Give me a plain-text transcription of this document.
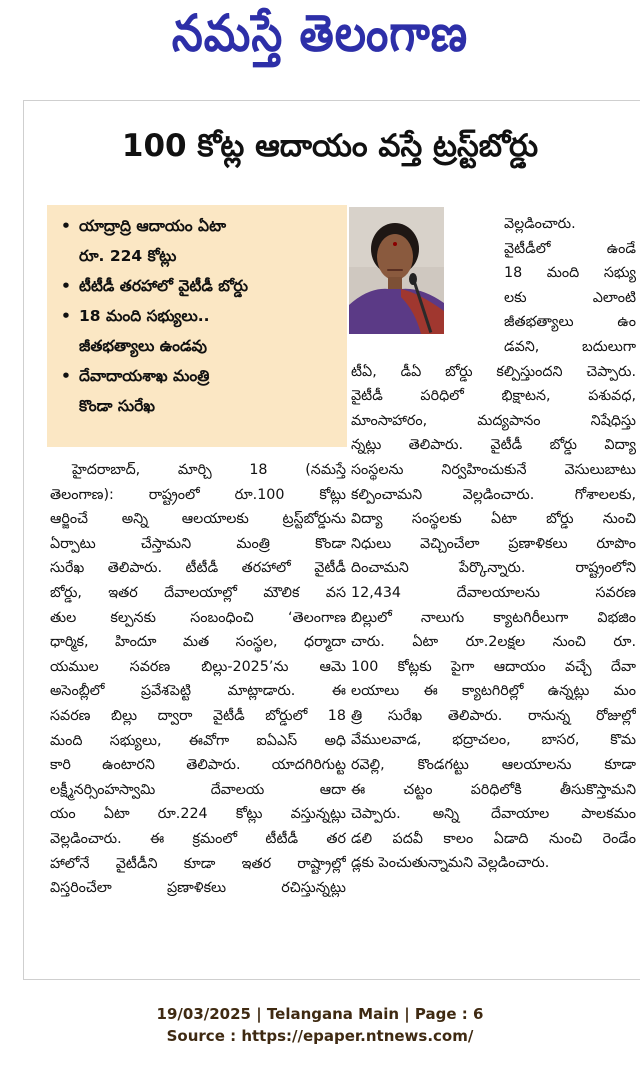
నమస్తే తెలంగాణ
100 కోట్ల ఆదాయం వస్తే ట్రస్ట్‌బోర్డు
• యాద్రాద్రి ఆదాయం ఏటా
రూ. 224 కోట్లు
• టీటీడీ తరహాలో వైటీడీ బోర్డు
• 18 మంది సభ్యులు..
జీతభత్యాలు ఉండవు
• దేవాదాయశాఖ మంత్రి
కొండా సురేఖ
హైదరాబాద్, మార్చి 18 (నమస్తే
తెలంగాణ): రాష్ట్రంలో రూ.100 కోట్లు
ఆర్జించే అన్ని ఆలయాలకు ట్రస్ట్‌బోర్డును
ఏర్పాటు చేస్తామని మంత్రి కొండా
సురేఖ తెలిపారు. టీటీడీ తరహాలో వైటీడీ
బోర్డు, ఇతర దేవాలయాల్లో మౌలిక వస
తుల కల్పనకు సంబంధించి ‘తెలంగాణ
ధార్మిక, హిందూ మత సంస్థల, ధర్మాదా
యముల సవరణ బిల్లు-2025’ను ఆమె
అసెంబ్లీలో ప్రవేశపెట్టి మాట్లాడారు. ఈ
సవరణ బిల్లు ద్వారా వైటీడీ బోర్డులో 18
మంది సభ్యులు, ఈవోగా ఐఏఎస్ అధి
కారి ఉంటారని తెలిపారు. యాదగిరిగుట్ట
లక్ష్మీనర్సింహస్వామి దేవాలయ ఆదా
యం ఏటా రూ.224 కోట్లు వస్తున్నట్లు
వెల్లడించారు. ఈ క్రమంలో టీటీడీ తర
హాలోనే వైటీడీని కూడా ఇతర రాష్ట్రాల్లో
విస్తరించేలా ప్రణాళికలు రచిస్తున్నట్లు
వెల్లడించారు.
వైటీడీలో ఉండే
18 మంది సభ్యు
లకు ఎలాంటి
జీతభత్యాలు ఉం
డవని, బదులుగా
టీఏ, డీఏ బోర్డు కల్పిస్తుందని చెప్పారు.
వైటీడీ పరిధిలో భిక్షాటన, పశువధ,
మాంసాహారం, మద్యపానం నిషేధిస్తు
న్నట్లు తెలిపారు. వైటీడీ బోర్డు విద్యా
సంస్థలను నిర్వహించుకునే వెసులుబాటు
కల్పించామని వెల్లడించారు. గోశాలలకు,
విద్యా సంస్థలకు ఏటా బోర్డు నుంచి
నిధులు వెచ్చించేలా ప్రణాళికలు రూపొం
దించామని పేర్కొన్నారు. రాష్ట్రంలోని
12,434 దేవాలయాలను సవరణ
బిల్లులో నాలుగు క్యాటగిరీలుగా విభజిం
చారు. ఏటా రూ.2లక్షల నుంచి రూ.
100 కోట్లకు పైగా ఆదాయం వచ్చే దేవా
లయాలు ఈ క్యాటగిరిల్లో ఉన్నట్లు మం
త్రి సురేఖ తెలిపారు. రానున్న రోజుల్లో
వేములవాడ, భద్రాచలం, బాసర, కొమ
రవెల్లి, కొండగట్టు ఆలయాలను కూడా
ఈ చట్టం పరిధిలోకి తీసుకొస్తామని
చెప్పారు. అన్ని దేవాయాల పాలకమం
డలి పదవీ కాలం ఏడాది నుంచి రెండేం
డ్లకు పెంచుతున్నామని వెల్లడించారు.
19/03/2025 | Telangana Main | Page : 6
Source : https://epaper.ntnews.com/
